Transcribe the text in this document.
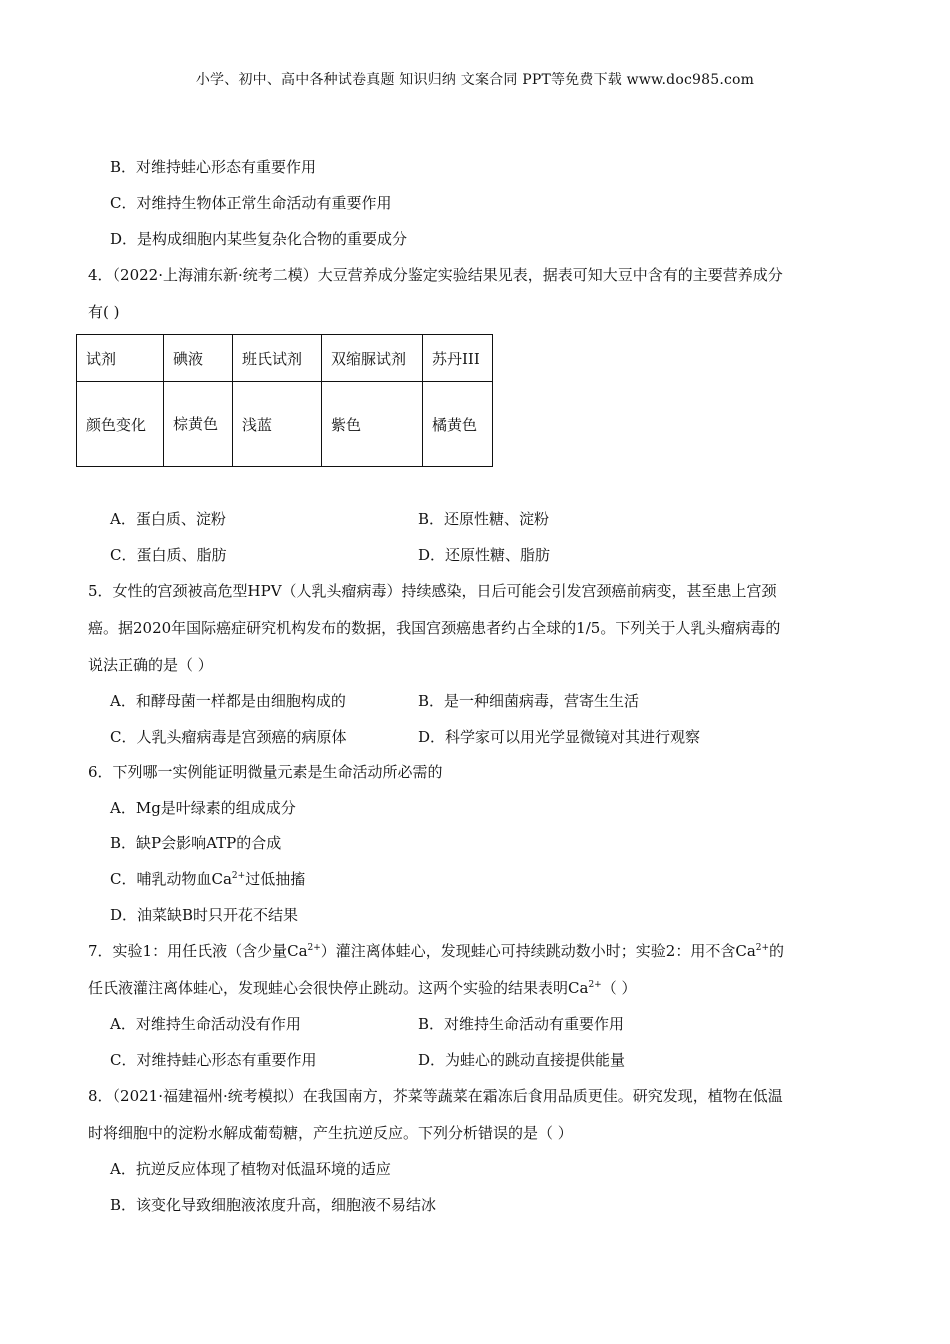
小学、初中、高中各种试卷真题 知识归纳 文案合同 PPT等免费下载 www.doc985.com
B．对维持蛙心形态有重要作用
C．对维持生物体正常生命活动有重要作用
D．是构成细胞内某些复杂化合物的重要成分
4．（2022·上海浦东新·统考二模）大豆营养成分鉴定实验结果见表，据表可知大豆中含有的主要营养成分
有( )
试剂	碘液	班氏试剂	双缩脲试剂	苏丹III
颜色变化	棕黄色	浅蓝	紫色	橘黄色
A．蛋白质、淀粉	B．还原性糖、淀粉
C．蛋白质、脂肪	D．还原性糖、脂肪
5．女性的宫颈被高危型HPV（人乳头瘤病毒）持续感染，日后可能会引发宫颈癌前病变，甚至患上宫颈
癌。据2020年国际癌症研究机构发布的数据，我国宫颈癌患者约占全球的1/5。下列关于人乳头瘤病毒的
说法正确的是（ ）
A．和酵母菌一样都是由细胞构成的	B．是一种细菌病毒，营寄生生活
C．人乳头瘤病毒是宫颈癌的病原体	D．科学家可以用光学显微镜对其进行观察
6．下列哪一实例能证明微量元素是生命活动所必需的
A．Mg是叶绿素的组成成分
B．缺P会影响ATP的合成
C．哺乳动物血$Ca^{2+}$过低抽搐
D．油菜缺B时只开花不结果
7．实验1：用任氏液（含少量$Ca^{2+}$）灌注离体蛙心，发现蛙心可持续跳动数小时；实验2：用不含$Ca^{2+}$的
任氏液灌注离体蛙心，发现蛙心会很快停止跳动。这两个实验的结果表明$Ca^{2+}$（ ）
A．对维持生命活动没有作用	B．对维持生命活动有重要作用
C．对维持蛙心形态有重要作用	D．为蛙心的跳动直接提供能量
8．（2021·福建福州·统考模拟）在我国南方，芥菜等蔬菜在霜冻后食用品质更佳。研究发现，植物在低温
时将细胞中的淀粉水解成葡萄糖，产生抗逆反应。下列分析错误的是（ ）
A．抗逆反应体现了植物对低温环境的适应
B．该变化导致细胞液浓度升高，细胞液不易结冰
